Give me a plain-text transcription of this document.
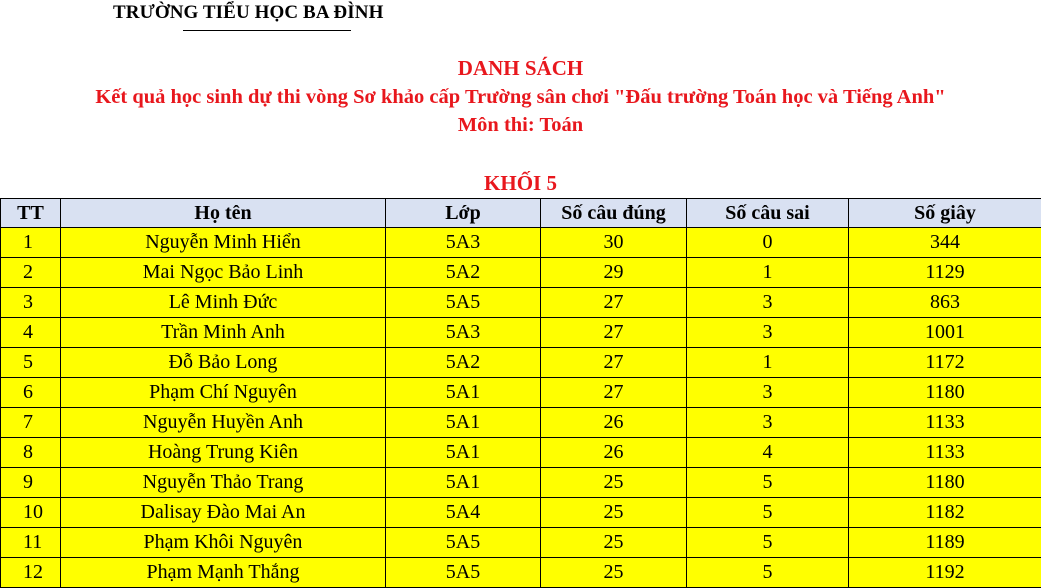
TRƯỜNG TIỂU HỌC BA ĐÌNH
DANH SÁCH
Kết quả học sinh dự thi vòng Sơ khảo cấp Trường sân chơi "Đấu trường Toán học và Tiếng Anh"
Môn thi: Toán
KHỐI 5
TT	Họ tên	Lớp	Số câu đúng	Số câu sai	Số giây
1	Nguyễn Minh Hiển	5A3	30	0	344
2	Mai Ngọc Bảo Linh	5A2	29	1	1129
3	Lê Minh Đức	5A5	27	3	863
4	Trần Minh Anh	5A3	27	3	1001
5	Đỗ Bảo Long	5A2	27	1	1172
6	Phạm Chí Nguyên	5A1	27	3	1180
7	Nguyễn Huyền Anh	5A1	26	3	1133
8	Hoàng Trung Kiên	5A1	26	4	1133
9	Nguyễn Thảo Trang	5A1	25	5	1180
10	Dalisay Đào Mai An	5A4	25	5	1182
11	Phạm Khôi Nguyên	5A5	25	5	1189
12	Phạm Mạnh Thắng	5A5	25	5	1192
